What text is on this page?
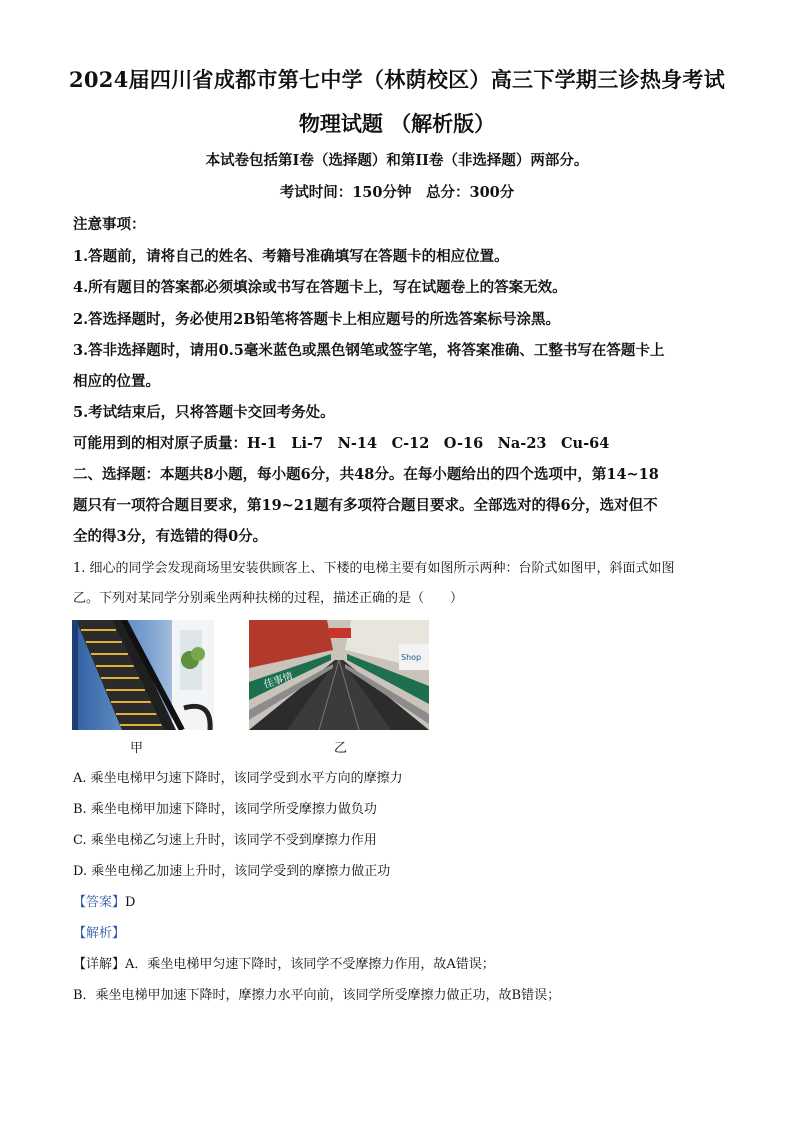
2024届四川省成都市第七中学（林荫校区）高三下学期三诊热身考试
物理试题 （解析版）
本试卷包括第I卷（选择题）和第II卷（非选择题）两部分。
考试时间：150分钟　总分：300分
注意事项：
1.答题前，请将自己的姓名、考籍号准确填写在答题卡的相应位置。
4.所有题目的答案都必须填涂或书写在答题卡上，写在试题卷上的答案无效。
2.答选择题时，务必使用2B铅笔将答题卡上相应题号的所选答案标号涂黑。
3.答非选择题时，请用0.5毫米蓝色或黑色钢笔或签字笔，将答案准确、工整书写在答题卡上
相应的位置。
5.考试结束后，只将答题卡交回考务处。
可能用到的相对原子质量：H-1　Li-7　N-14　C-12　O-16　Na-23　Cu-64
二、选择题：本题共8小题，每小题6分，共48分。在每小题给出的四个选项中，第14~18
题只有一项符合题目要求，第19~21题有多项符合题目要求。全部选对的得6分，选对但不
全的得3分，有选错的得0分。
1. 细心的同学会发现商场里安装供顾客上、下楼的电梯主要有如图所示两种：台阶式如图甲，斜面式如图
乙。下列对某同学分别乘坐两种扶梯的过程，描述正确的是（　　）
佳事情
Shop
甲	乙
A. 乘坐电梯甲匀速下降时，该同学受到水平方向的摩擦力
B. 乘坐电梯甲加速下降时，该同学所受摩擦力做负功
C. 乘坐电梯乙匀速上升时，该同学不受到摩擦力作用
D. 乘坐电梯乙加速上升时，该同学受到的摩擦力做正功
【答案】D
【解析】
【详解】A．乘坐电梯甲匀速下降时，该同学不受摩擦力作用，故A错误；
B．乘坐电梯甲加速下降时，摩擦力水平向前，该同学所受摩擦力做正功，故B错误；
